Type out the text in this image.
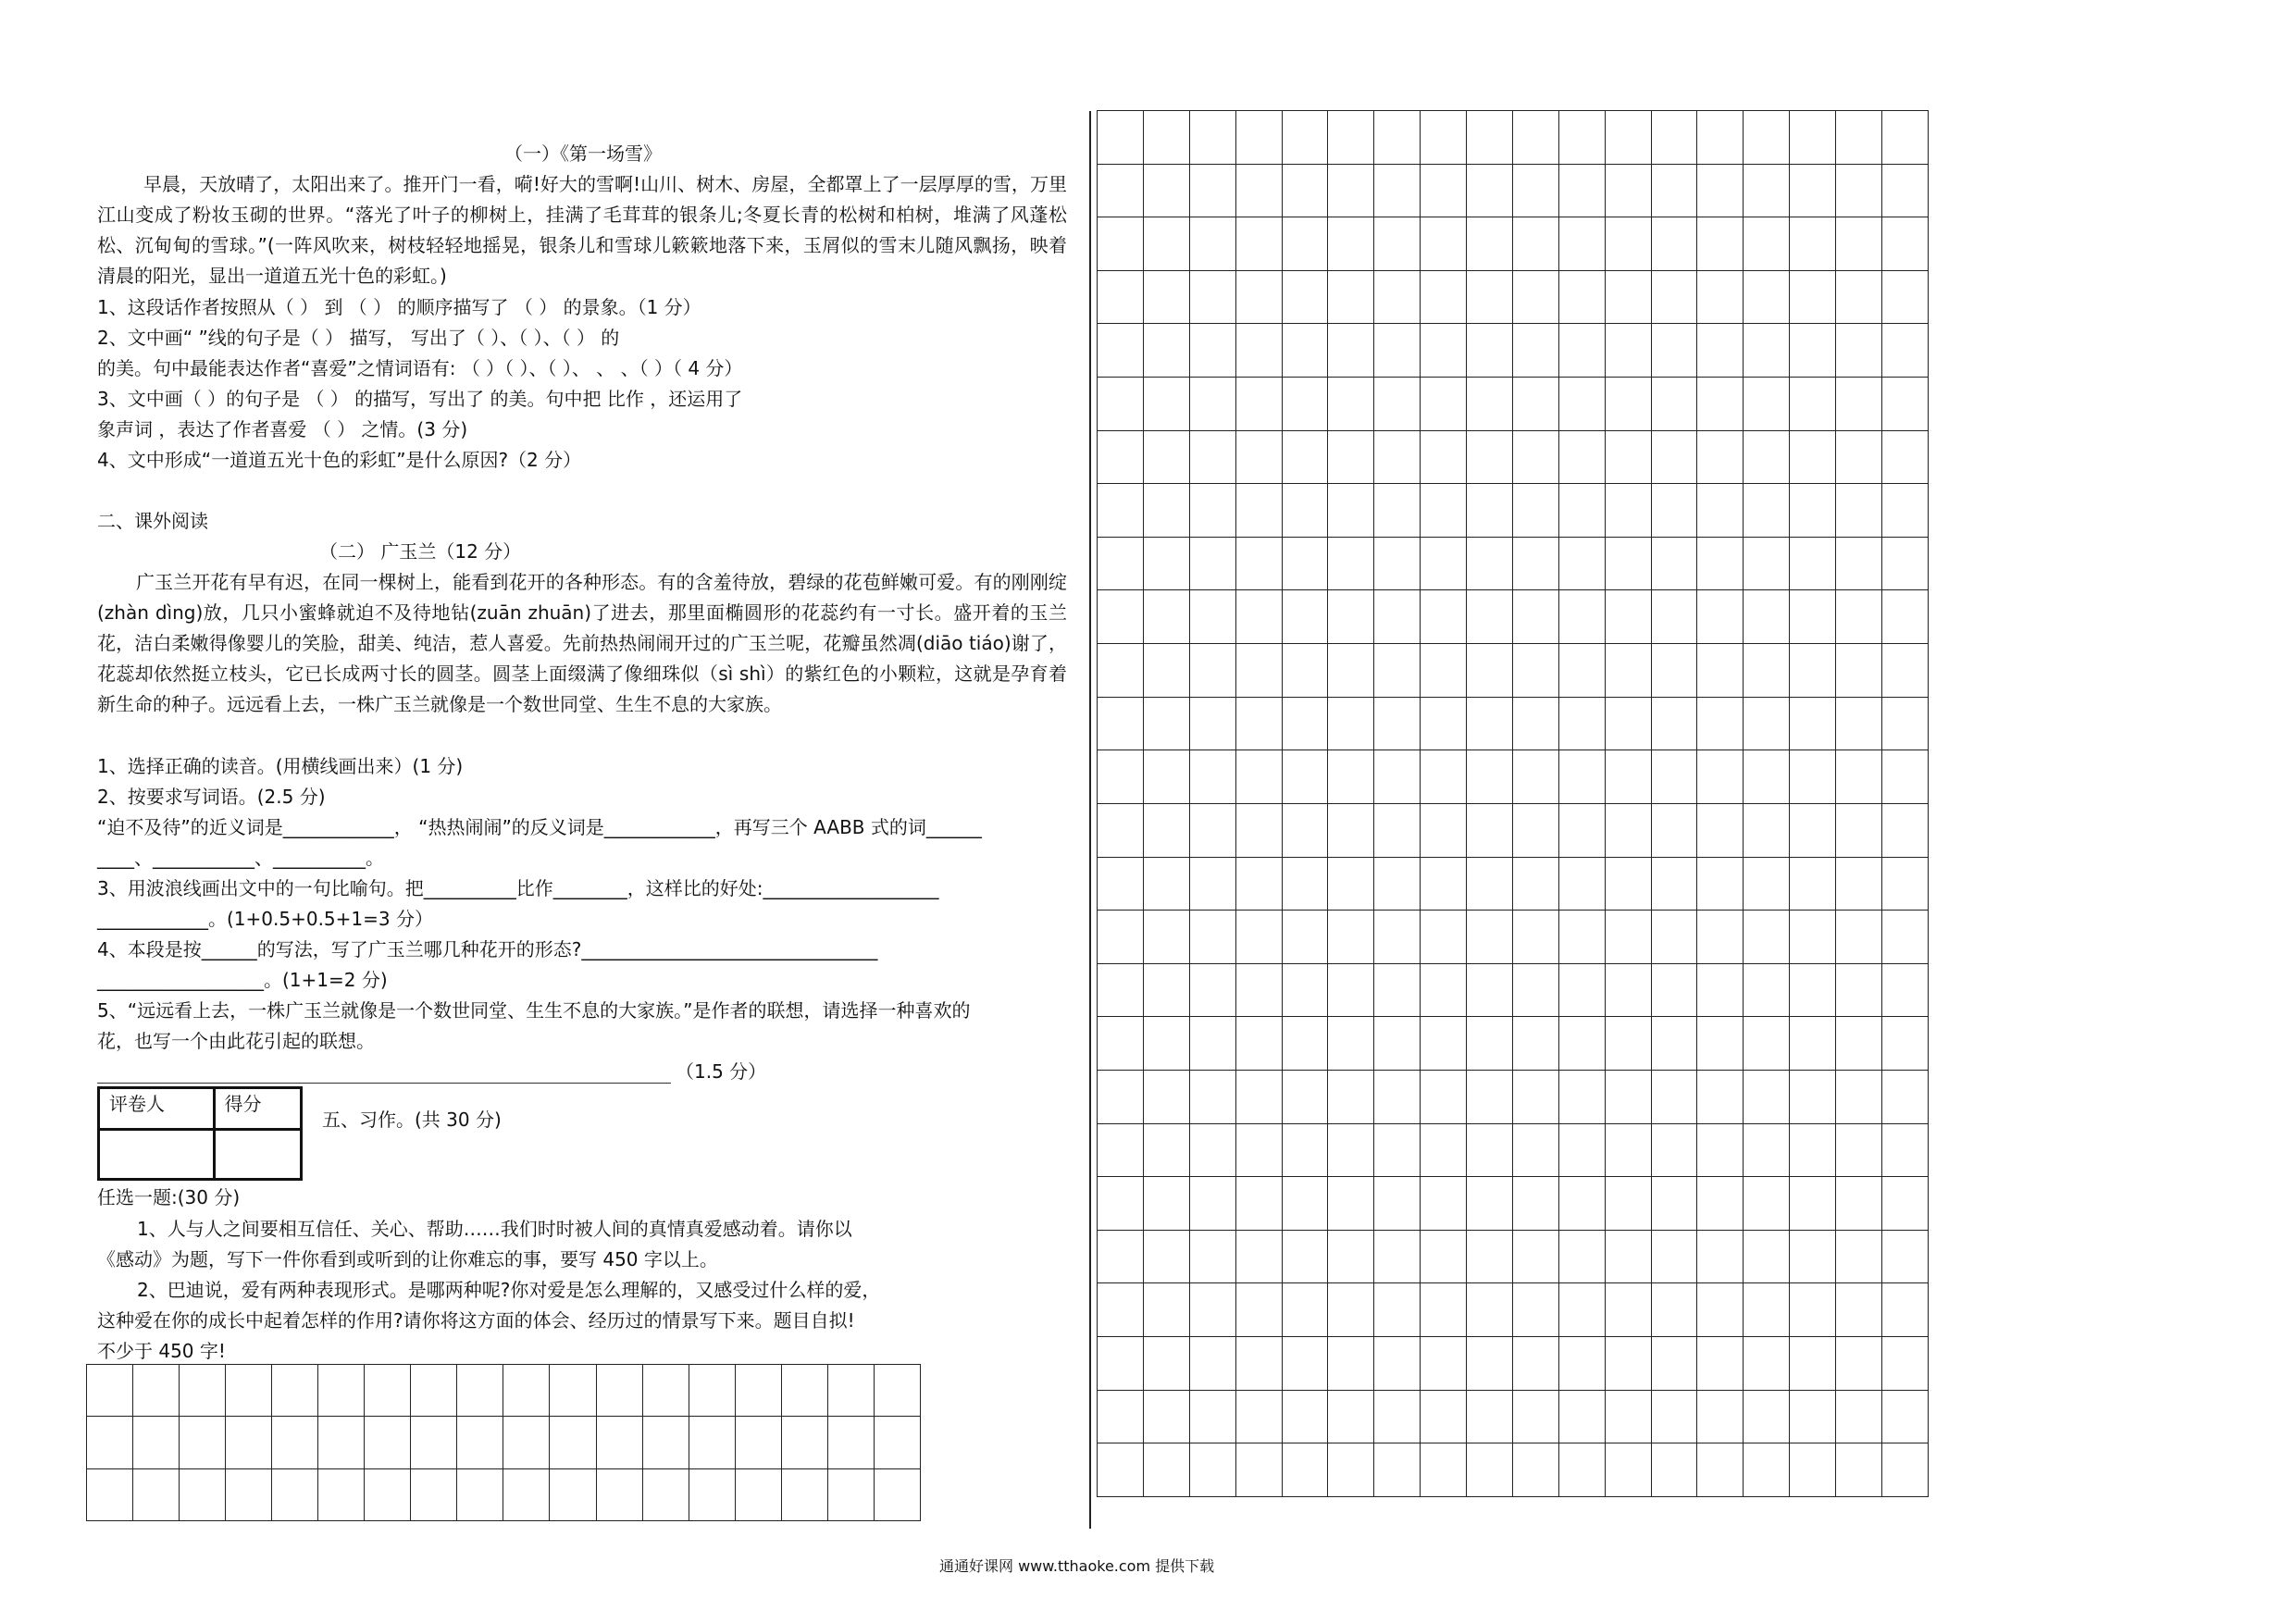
（一）《第一场雪》
早晨，天放晴了，太阳出来了。推开门一看，嗬!好大的雪啊!山川、树木、房屋，全都罩上了一层厚厚的雪，万里江山变成了粉妆玉砌的世界。“落光了叶子的柳树上，挂满了毛茸茸的银条儿;冬夏长青的松树和柏树，堆满了风蓬松松、沉甸甸的雪球。”(一阵风吹来，树枝轻轻地摇晃，银条儿和雪球儿簌簌地落下来，玉屑似的雪末儿随风飘扬，映着清晨的阳光，显出一道道五光十色的彩虹。)
1、这段话作者按照从（ ） 到 （ ） 的顺序描写了 （ ） 的景象。（1 分）
2、文中画“ ”线的句子是（ ） 描写， 写出了（ ）、（ ）、（ ） 的
的美。句中最能表达作者“喜爱”之情词语有: （ ）（ ）、（ ）、 、 、（ ）（ 4 分）
3、文中画（ ）的句子是 （ ） 的描写，写出了 的美。句中把 比作 ，还运用了
象声词 ，表达了作者喜爱 （ ） 之情。(3 分)
4、文中形成“一道道五光十色的彩虹”是什么原因?（2 分）
二、课外阅读
（二） 广玉兰（12 分）
广玉兰开花有早有迟，在同一棵树上，能看到花开的各种形态。有的含羞待放，碧绿的花苞鲜嫩可爱。有的刚刚绽(zhàn dìng)放，几只小蜜蜂就迫不及待地钻(zuān zhuān)了进去，那里面椭圆形的花蕊约有一寸长。盛开着的玉兰花，洁白柔嫩得像婴儿的笑脸，甜美、纯洁，惹人喜爱。先前热热闹闹开过的广玉兰呢，花瓣虽然凋(diāo tiáo)谢了，花蕊却依然挺立枝头，它已长成两寸长的圆茎。圆茎上面缀满了像细珠似（sì shì）的紫红色的小颗粒，这就是孕育着新生命的种子。远远看上去，一株广玉兰就像是一个数世同堂、生生不息的大家族。
1、选择正确的读音。(用横线画出来）(1 分)
2、按要求写词语。(2.5 分)
“迫不及待”的近义词是____________， “热热闹闹”的反义词是____________，再写三个 AABB 式的词______
____、___________、__________。
3、用波浪线画出文中的一句比喻句。把__________比作________，这样比的好处:___________________
____________。(1+0.5+0.5+1=3 分）
4、本段是按______的写法，写了广玉兰哪几种花开的形态?________________________________
__________________。(1+1=2 分)
5、“远远看上去，一株广玉兰就像是一个数世同堂、生生不息的大家族。”是作者的联想，请选择一种喜欢的
花，也写一个由此花引起的联想。
（1.5 分）
评卷人	得分

五、习作。(共 30 分)
任选一题:(30 分)
1、人与人之间要相互信任、关心、帮助……我们时时被人间的真情真爱感动着。请你以
《感动》为题，写下一件你看到或听到的让你难忘的事，要写 450 字以上。
2、巴迪说，爱有两种表现形式。是哪两种呢?你对爱是怎么理解的，又感受过什么样的爱，
这种爱在你的成长中起着怎样的作用?请你将这方面的体会、经历过的情景写下来。题目自拟!
不少于 450 字!

通通好课网 www.tthaoke.com 提供下载
